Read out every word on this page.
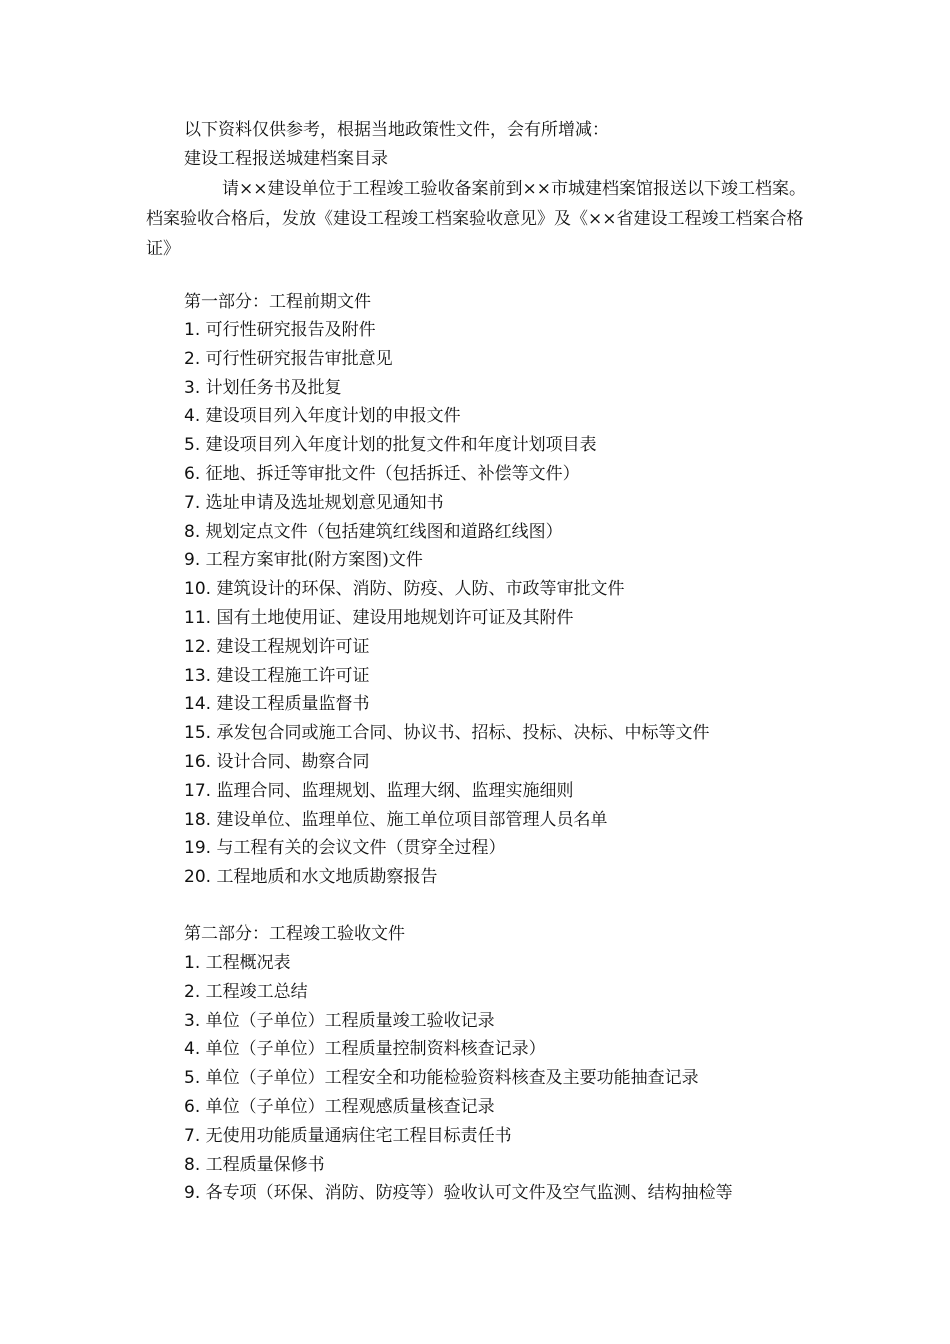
以下资料仅供参考，根据当地政策性文件，会有所增减：
建设工程报送城建档案目录
请××建设单位于工程竣工验收备案前到××市城建档案馆报送以下竣工档案。档案验收合格后，发放《建设工程竣工档案验收意见》及《××省建设工程竣工档案合格证》
第一部分：工程前期文件
1. 可行性研究报告及附件
2. 可行性研究报告审批意见
3. 计划任务书及批复
4. 建设项目列入年度计划的申报文件
5. 建设项目列入年度计划的批复文件和年度计划项目表
6. 征地、拆迁等审批文件（包括拆迁、补偿等文件）
7. 选址申请及选址规划意见通知书
8. 规划定点文件（包括建筑红线图和道路红线图）
9. 工程方案审批(附方案图)文件
10. 建筑设计的环保、消防、防疫、人防、市政等审批文件
11. 国有土地使用证、建设用地规划许可证及其附件
12. 建设工程规划许可证
13. 建设工程施工许可证
14. 建设工程质量监督书
15. 承发包合同或施工合同、协议书、招标、投标、决标、中标等文件
16. 设计合同、勘察合同
17. 监理合同、监理规划、监理大纲、监理实施细则
18. 建设单位、监理单位、施工单位项目部管理人员名单
19. 与工程有关的会议文件（贯穿全过程）
20. 工程地质和水文地质勘察报告
第二部分：工程竣工验收文件
1. 工程概况表
2. 工程竣工总结
3. 单位（子单位）工程质量竣工验收记录
4. 单位（子单位）工程质量控制资料核查记录）
5. 单位（子单位）工程安全和功能检验资料核查及主要功能抽查记录
6. 单位（子单位）工程观感质量核查记录
7. 无使用功能质量通病住宅工程目标责任书
8. 工程质量保修书
9. 各专项（环保、消防、防疫等）验收认可文件及空气监测、结构抽检等
